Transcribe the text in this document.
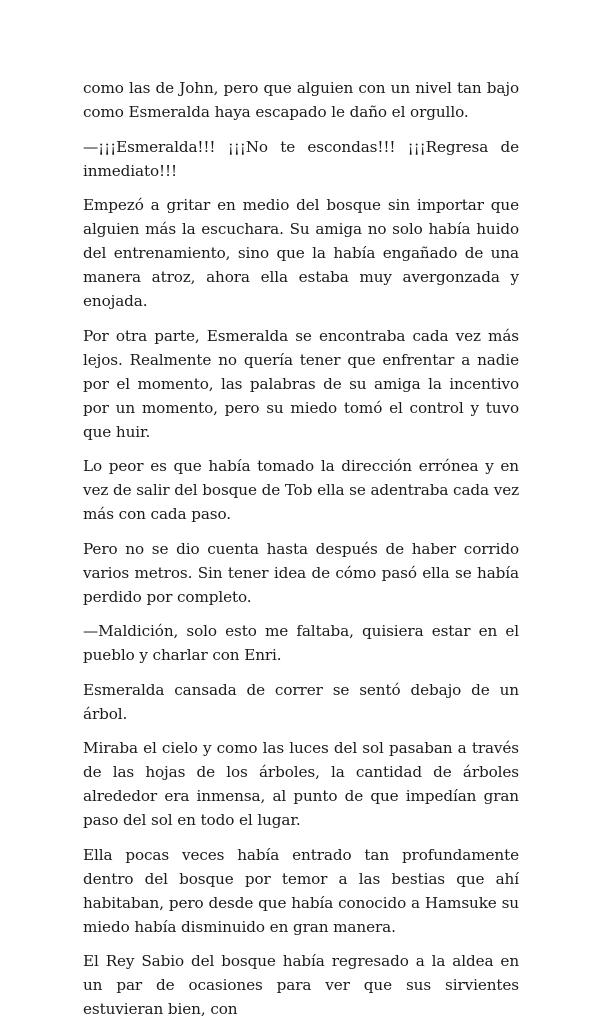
como las de John, pero que alguien con un nivel tan bajo como Esmeralda haya escapado le daño el orgullo.

—¡¡¡Esmeralda!!! ¡¡¡No te escondas!!! ¡¡¡Regresa de inmediato!!!

Empezó a gritar en medio del bosque sin importar que alguien más la escuchara. Su amiga no solo había huido del entrenamiento, sino que la había engañado de una manera atroz, ahora ella estaba muy avergonzada y enojada.

Por otra parte, Esmeralda se encontraba cada vez más lejos. Realmente no quería tener que enfrentar a nadie por el momento, las palabras de su amiga la incentivo por un momento, pero su miedo tomó el control y tuvo que huir.

Lo peor es que había tomado la dirección errónea y en vez de salir del bosque de Tob ella se adentraba cada vez más con cada paso.

Pero no se dio cuenta hasta después de haber corrido varios metros. Sin tener idea de cómo pasó ella se había perdido por completo.

—Maldición, solo esto me faltaba, quisiera estar en el pueblo y charlar con Enri.

Esmeralda cansada de correr se sentó debajo de un árbol.

Miraba el cielo y como las luces del sol pasaban a través de las hojas de los árboles, la cantidad de árboles alrededor era inmensa, al punto de que impedían gran paso del sol en todo el lugar.

Ella pocas veces había entrado tan profundamente dentro del bosque por temor a las bestias que ahí habitaban, pero desde que había conocido a Hamsuke su miedo había disminuido en gran manera.

El Rey Sabio del bosque había regresado a la aldea en un par de ocasiones para ver que sus sirvientes estuvieran bien, con
